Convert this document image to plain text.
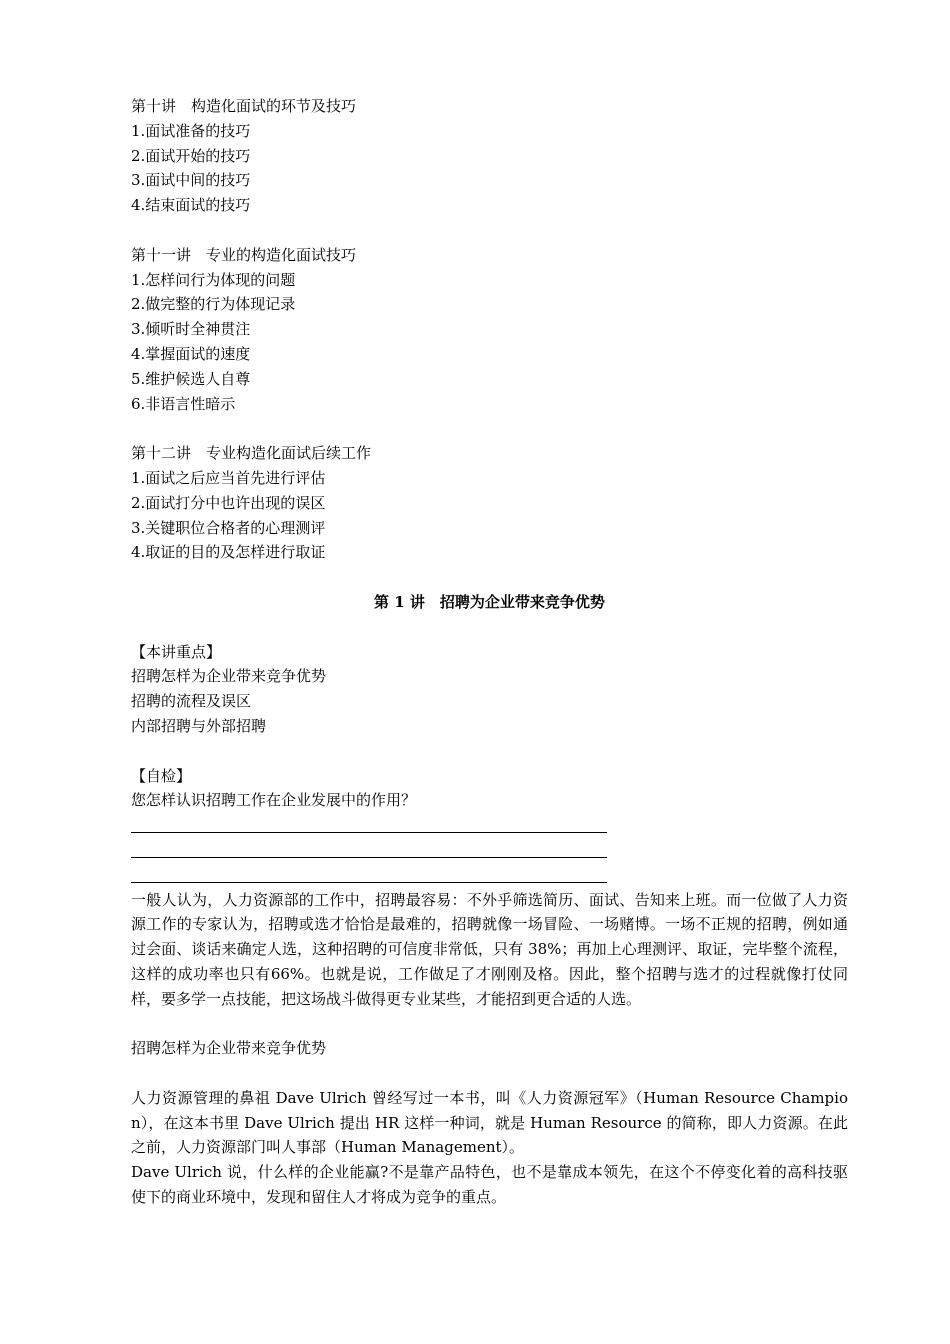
第十讲　构造化面试的环节及技巧
1.面试准备的技巧
2.面试开始的技巧
3.面试中间的技巧
4.结束面试的技巧
第十一讲　专业的构造化面试技巧
1.怎样问行为体现的问题
2.做完整的行为体现记录
3.倾听时全神贯注
4.掌握面试的速度
5.维护候选人自尊
6.非语言性暗示
第十二讲　专业构造化面试后续工作
1.面试之后应当首先进行评估
2.面试打分中也许出现的误区
3.关键职位合格者的心理测评
4.取证的目的及怎样进行取证
第 1 讲　招聘为企业带来竞争优势
【本讲重点】
招聘怎样为企业带来竞争优势
招聘的流程及误区
内部招聘与外部招聘
【自检】
您怎样认识招聘工作在企业发展中的作用？
一般人认为，人力资源部的工作中，招聘最容易：不外乎筛选简历、面试、告知来上班。而一位做了人力资源工作的专家认为，招聘或选才恰恰是最难的，招聘就像一场冒险、一场赌博。一场不正规的招聘，例如通过会面、谈话来确定人选，这种招聘的可信度非常低，只有 38%；再加上心理测评、取证，完毕整个流程，这样的成功率也只有66%。也就是说，工作做足了才刚刚及格。因此，整个招聘与选才的过程就像打仗同样，要多学一点技能，把这场战斗做得更专业某些，才能招到更合适的人选。
招聘怎样为企业带来竞争优势
人力资源管理的鼻祖 Dave Ulrich 曾经写过一本书，叫《人力资源冠军》（Human Resource Champion），在这本书里 Dave Ulrich 提出 HR 这样一种词，就是 Human Resource 的简称，即人力资源。在此之前，人力资源部门叫人事部（Human Management）。
Dave Ulrich 说，什么样的企业能赢?不是靠产品特色，也不是靠成本领先，在这个不停变化着的高科技驱使下的商业环境中，发现和留住人才将成为竞争的重点。
